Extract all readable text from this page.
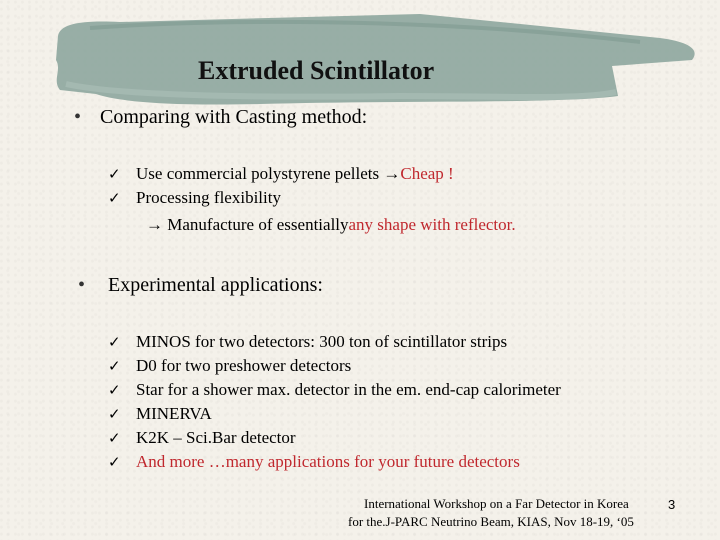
Extruded Scintillator
• Comparing with Casting method:
✓ Use commercial polystyrene pellets → Cheap !
✓ Processing flexibility
→ Manufacture of essentially any shape with reflector.
•	Experimental applications:
✓ MINOS for two detectors: 300 ton of scintillator strips
✓ D0 for two preshower detectors
✓ Star for a shower max. detector in the em. end-cap calorimeter
✓ MINERVA
✓ K2K – Sci.Bar detector
✓ And more …many applications for your future detectors
International Workshop on a Far Detector in Korea
for the.J-PARC Neutrino Beam, KIAS, Nov 18-19, ‘05
3
